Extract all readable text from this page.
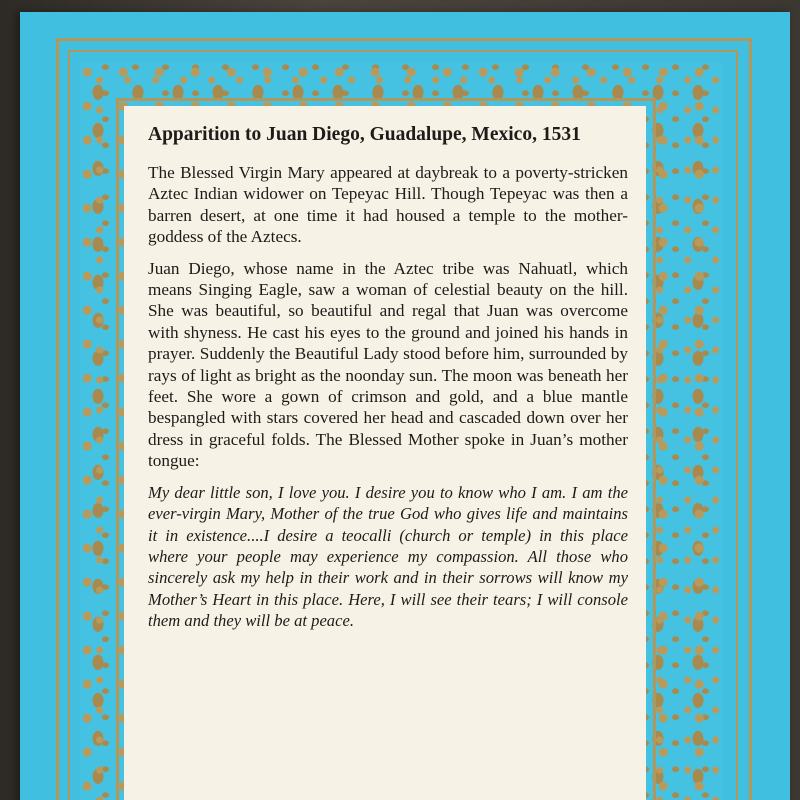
Apparition to Juan Diego, Guadalupe, Mexico, 1531

The Blessed Virgin Mary appeared at daybreak to a poverty-stricken Aztec Indian widower on Tepeyac Hill. Though Tepeyac was then a barren desert, at one time it had housed a temple to the mother-goddess of the Aztecs.

Juan Diego, whose name in the Aztec tribe was Nahuatl, which means Singing Eagle, saw a woman of celestial beauty on the hill. She was beautiful, so beautiful and regal that Juan was overcome with shyness. He cast his eyes to the ground and joined his hands in prayer. Suddenly the Beautiful Lady stood before him, surrounded by rays of light as bright as the noonday sun. The moon was beneath her feet. She wore a gown of crimson and gold, and a blue mantle bespangled with stars covered her head and cascaded down over her dress in graceful folds. The Blessed Mother spoke in Juan’s mother tongue:

My dear little son, I love you. I desire you to know who I am. I am the ever-virgin Mary, Mother of the true God who gives life and maintains it in existence....I desire a teocalli (church or temple) in this place where your people may experience my compassion. All those who sincerely ask my help in their work and in their sorrows will know my Mother’s Heart in this place. Here, I will see their tears; I will console them and they will be at peace.
